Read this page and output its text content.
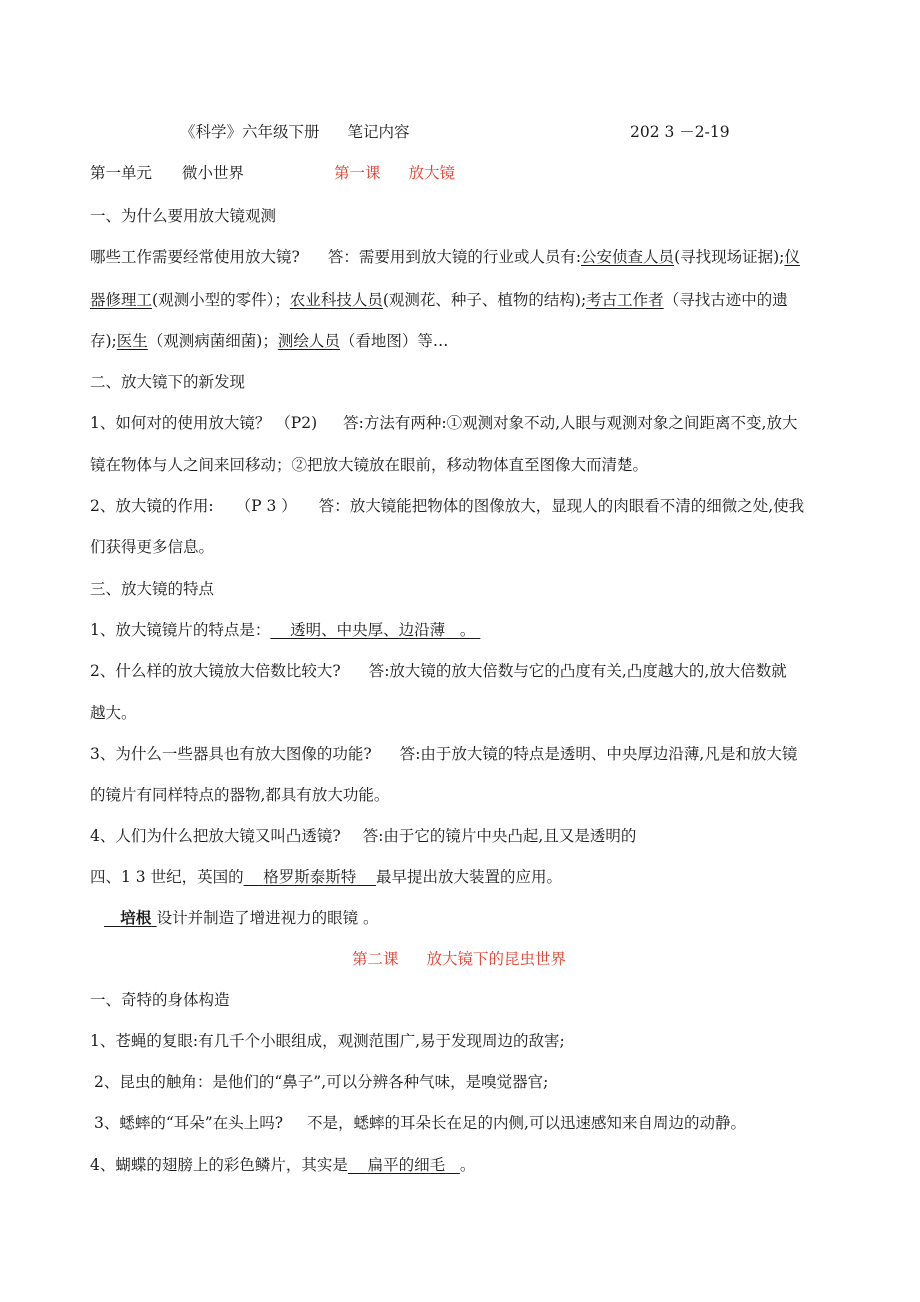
《科学》六年级下册 笔记内容	202 3 －2-19
第一单元 微小世界	第一课 放大镜
一、为什么要用放大镜观测
哪些工作需要经常使用放大镜? 答：需要用到放大镜的行业或人员有:公安侦查人员(寻找现场证据);仪
器修理工(观测小型的零件）；农业科技人员(观测花、种子、植物的结构);考古工作者（寻找古迹中的遗
存);医生（观测病菌细菌)；测绘人员（看地图）等…
二、放大镜下的新发现
1、如何对的使用放大镜？ （P2) 答:方法有两种:①观测对象不动,人眼与观测对象之间距离不变,放大
镜在物体与人之间来回移动；②把放大镜放在眼前，移动物体直至图像大而清楚。
2、放大镜的作用: （P 3 ） 答：放大镜能把物体的图像放大，显现人的肉眼看不清的细微之处,使我
们获得更多信息。
三、放大镜的特点
1、放大镜镜片的特点是： 透明、中央厚、边沿薄 。
2、什么样的放大镜放大倍数比较大? 答:放大镜的放大倍数与它的凸度有关,凸度越大的,放大倍数就
越大。
3、为什么一些器具也有放大图像的功能? 答:由于放大镜的特点是透明、中央厚边沿薄,凡是和放大镜
的镜片有同样特点的器物,都具有放大功能。
4、人们为什么把放大镜又叫凸透镜? 答:由于它的镜片中央凸起,且又是透明的
四、1 3 世纪，英国的 格罗斯泰斯特 最早提出放大装置的应用。
培根 设计并制造了增进视力的眼镜 。
第二课 放大镜下的昆虫世界
一、奇特的身体构造
1、苍蝇的复眼:有几千个小眼组成，观测范围广,易于发现周边的敌害;
2、昆虫的触角：是他们的“鼻子”,可以分辨各种气味，是嗅觉器官;
3、蟋蟀的“耳朵”在头上吗? 不是，蟋蟀的耳朵长在足的内侧,可以迅速感知来自周边的动静。
4、蝴蝶的翅膀上的彩色鳞片，其实是 扁平的细毛 。
